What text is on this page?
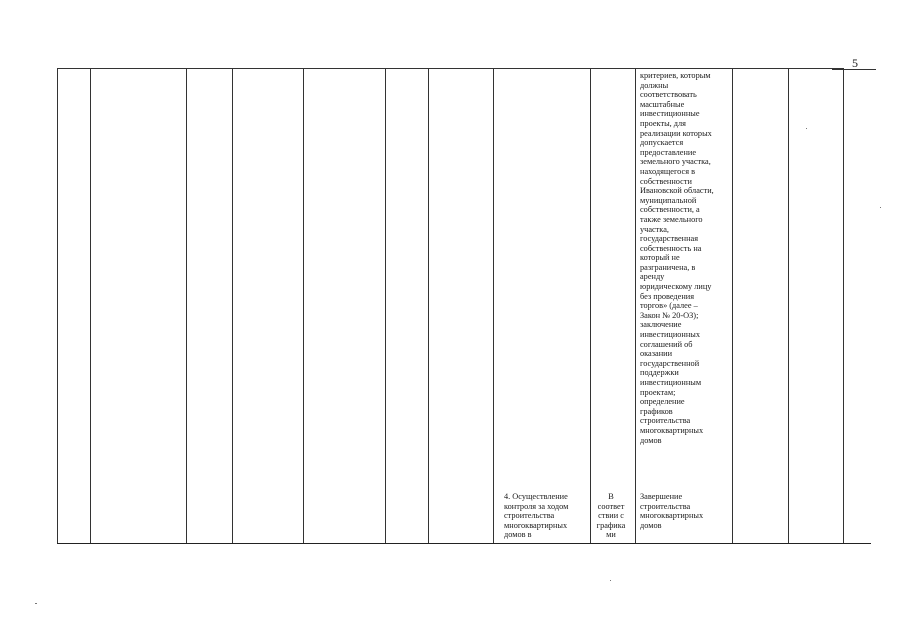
5
критериев, которым
должны
соответствовать
масштабные
инвестиционные
проекты, для
реализации которых
допускается
предоставление
земельного участка,
находящегося в
собственности
Ивановской области,
муниципальной
собственности, а
также земельного
участка,
государственная
собственность на
который не
разграничена, в
аренду
юридическому лицу
без проведения
торгов» (далее –
Закон № 20-ОЗ);
заключение
инвестиционных
соглашений об
оказании
государственной
поддержки
инвестиционным
проектам;
определение
графиков
строительства
многоквартирных
домов
4. Осуществление
контроля за ходом
строительства
многоквартирных
домов в
В
соответ
ствии с
графика
ми
Завершение
строительства
многоквартирных
домов
